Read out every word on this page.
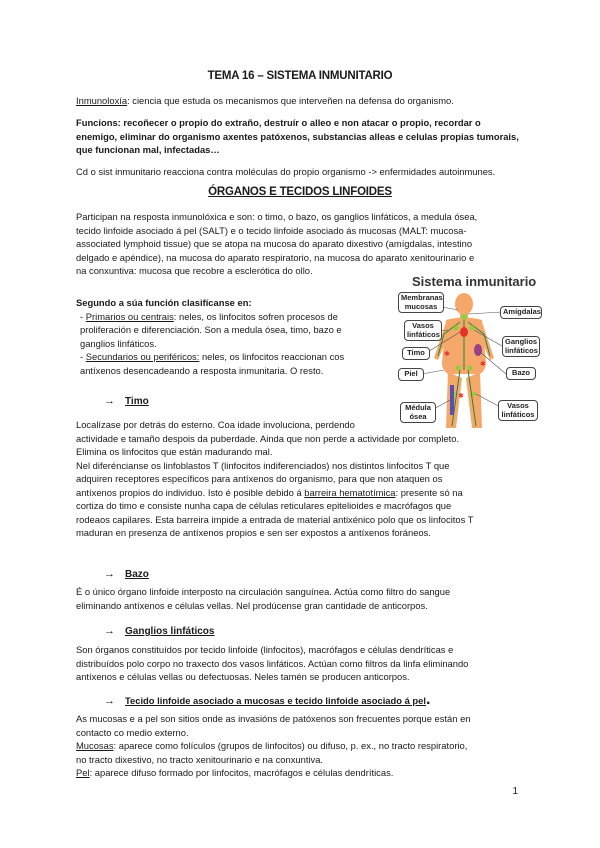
TEMA 16 – SISTEMA INMUNITARIO
Inmunoloxía: ciencia que estuda os mecanismos que interveñen na defensa do organismo.
Funcions: recoñecer o propio do extraño, destruír o alleo e non atacar o propio, recordar o
enemigo, eliminar do organismo axentes patóxenos, substancias alleas e celulas propias tumorais,
que funcionan mal, infectadas…
Cd o sist inmunitario reacciona contra moléculas do propio organismo -> enfermidades autoinmunes.
ÓRGANOS E TECIDOS LINFOIDES
Participan na resposta inmunolóxica e son: o timo, o bazo, os ganglios linfáticos, a medula ósea,
tecido linfoide asociado á pel (SALT) e o tecido linfoide asociado ás mucosas (MALT: mucosa-
associated lymphoid tissue) que se atopa na mucosa do aparato dixestivo (amígdalas, intestino
delgado e apéndice), na mucosa do aparato respiratorio, na mucosa do aparato xenitourinario e
na conxuntiva: mucosa que recobre a esclerótica do ollo.
Segundo a súa función clasifícanse en:
- Primarios ou centrais: neles, os linfocitos sofren procesos de
proliferación e diferenciación. Son a medula ósea, timo, bazo e
ganglios linfáticos.
- Secundarios ou periféricos: neles, os linfocitos reaccionan cos
antíxenos desencadeando a resposta inmunitaria. O resto.
→ Timo
Localízase por detrás do esterno. Coa idade involuciona, perdendo
actividade e tamaño despois da puberdade. Ainda que non perde a actividade por completo.
Elimina os linfocitos que están madurando mal.
Nel diferéncianse os linfoblastos T (linfocitos indiferenciados) nos distintos linfocitos T que
adquiren receptores específicos para antíxenos do organismo, para que non ataquen os
antíxenos propios do individuo. Isto é posible debido á barreira hematotímica: presente só na
cortiza do timo e consiste nunha capa de células reticulares epitelioides e macrófagos que
rodeaos capilares. Esta barreira impide a entrada de material antixénico polo que os linfocitos T
maduran en presenza de antíxenos propios e sen ser expostos a antíxenos foráneos.
→ Bazo
É o único órgano linfoide interposto na circulación sanguínea. Actúa como filtro do sangue
eliminando antíxenos e células vellas. Nel prodúcense gran cantidade de anticorpos.
→ Ganglios linfáticos
Son órganos constituídos por tecido linfoide (linfocitos), macrófagos e células dendríticas e
distribuídos polo corpo no traxecto dos vasos linfáticos. Actúan como filtros da linfa eliminando
antíxenos e células vellas ou defectuosas. Neles tamén se producen anticorpos.
→ Tecido linfoide asociado a mucosas e tecido linfoide asociado á pel.
As mucosas e a pel son sitios onde as invasións de patóxenos son frecuentes porque están en
contacto co medio externo.
Mucosas: aparece como folículos (grupos de linfocitos) ou difuso, p. ex., no tracto respiratorio,
no tracto dixestivo, no tracto xenitourinario e na conxuntiva.
Pel: aparece difuso formado por linfocitos, macrófagos e células dendríticas.
1
Sistema inmunitario
✱
✱
✱
Membranas mucosas
Vasos linfáticos
Timo
Piel
Médula ósea
Amígdalas
Ganglios linfáticos
Bazo
Vasos linfáticos
